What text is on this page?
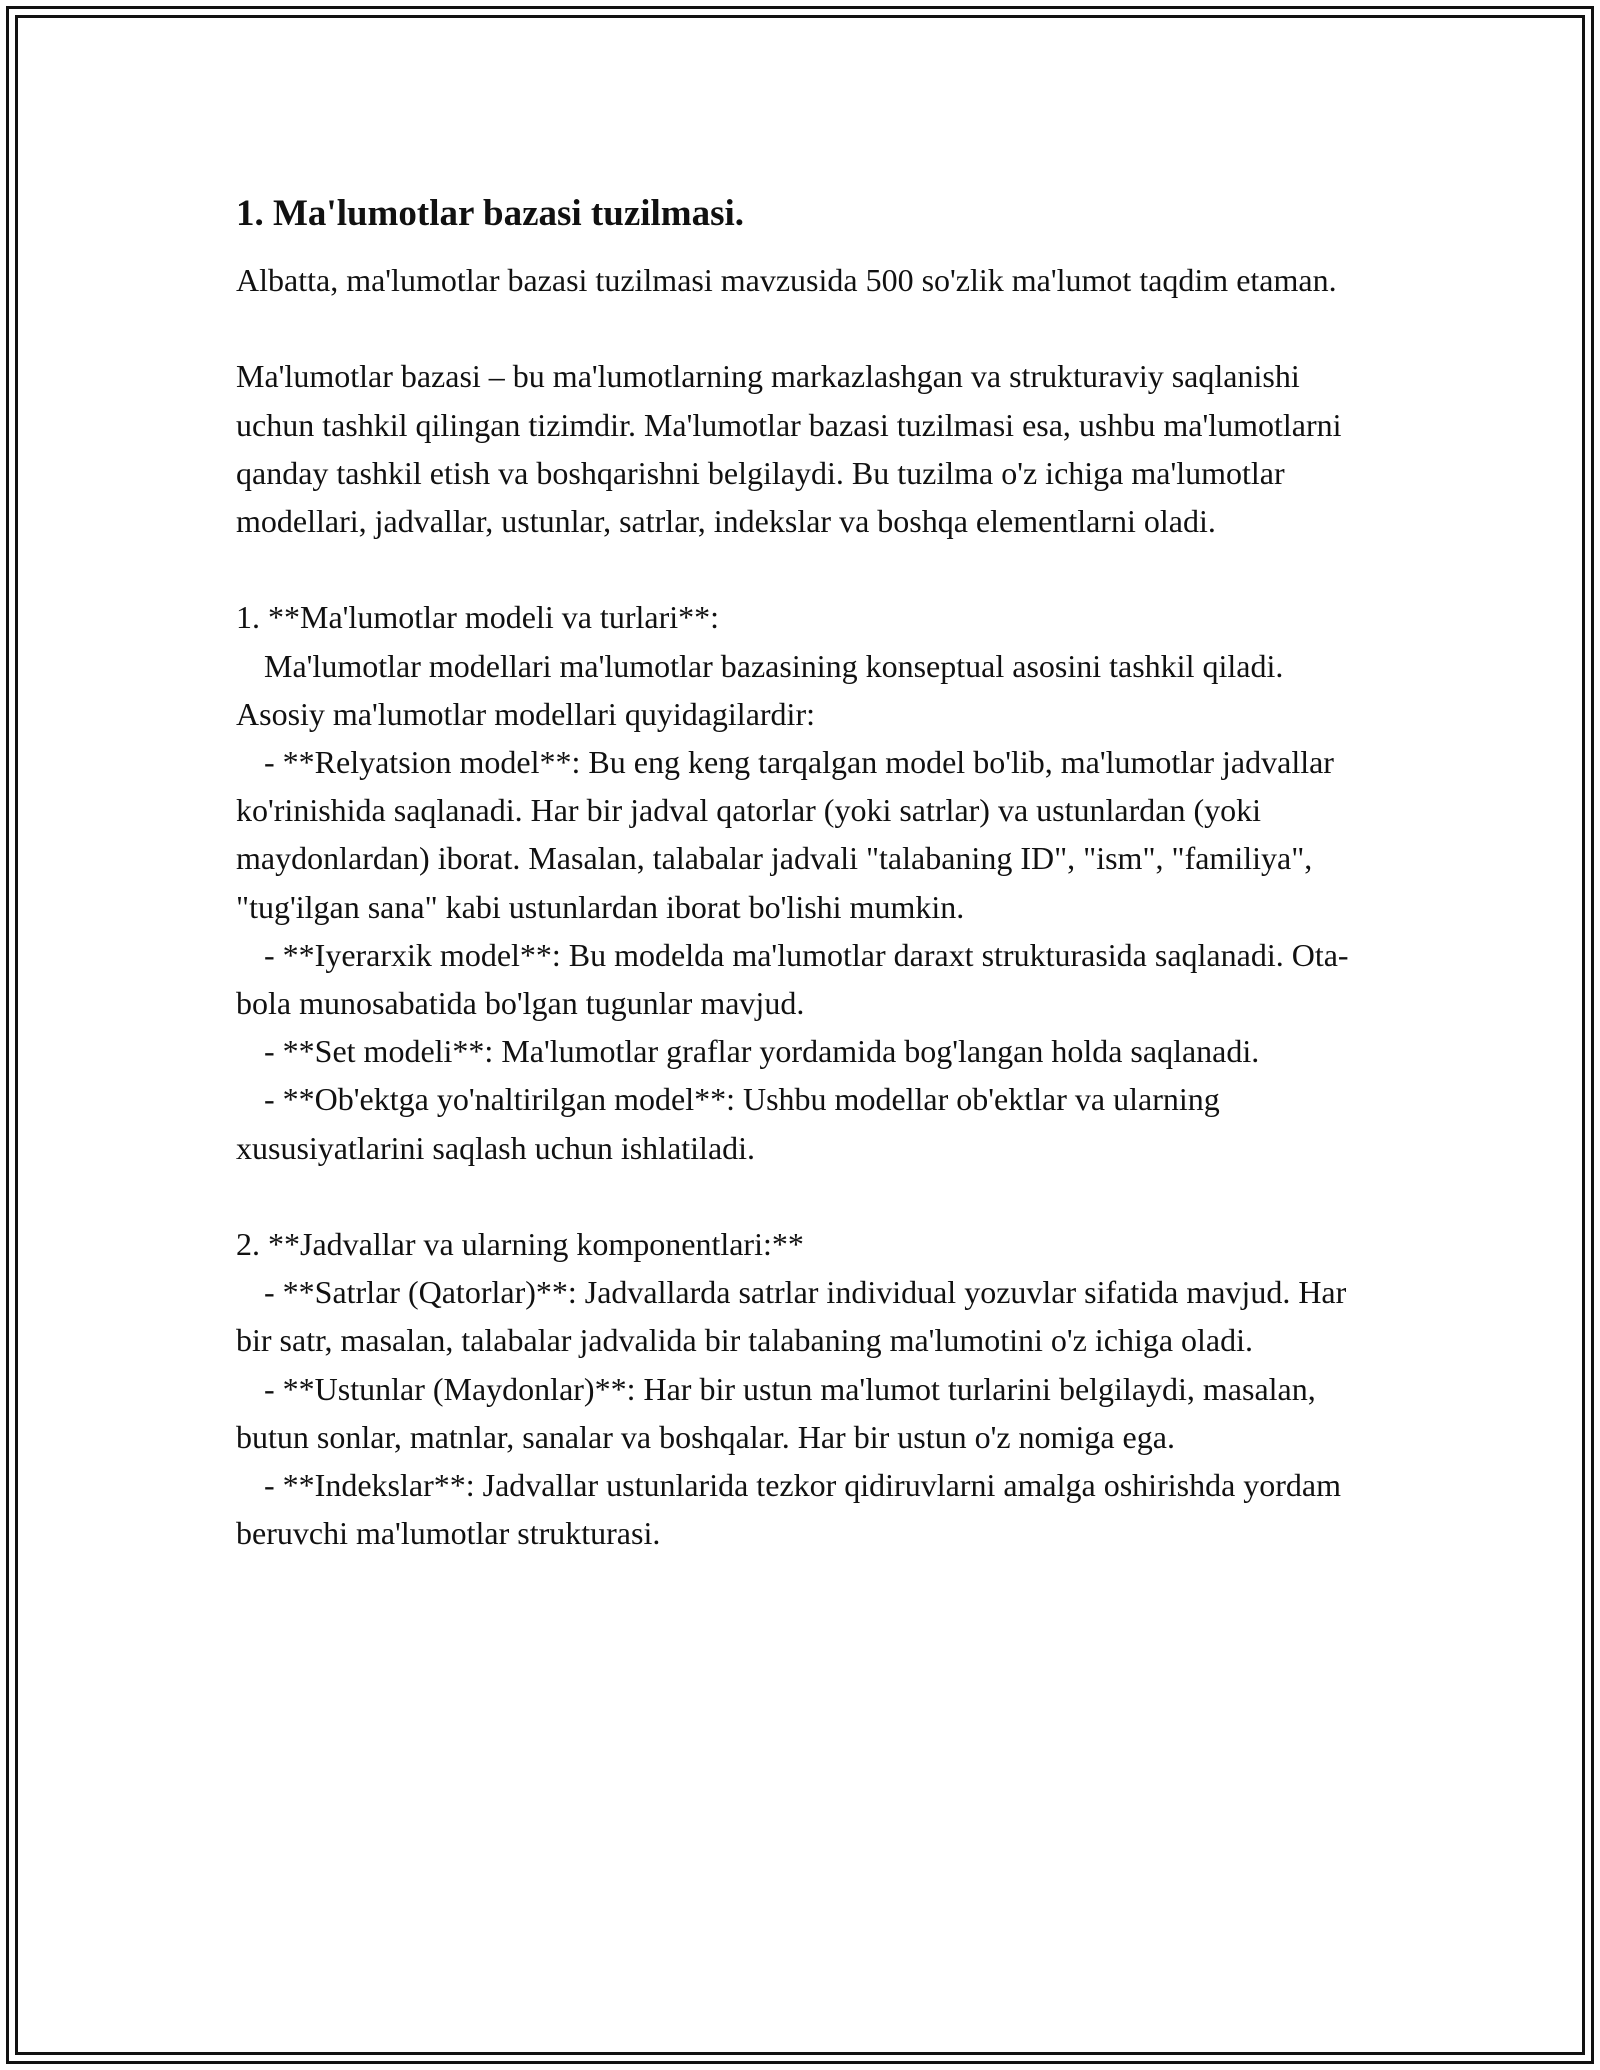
1. Ma'lumotlar bazasi tuzilmasi.

Albatta, ma'lumotlar bazasi tuzilmasi mavzusida 500 so'zlik ma'lumot taqdim etaman.

Ma'lumotlar bazasi – bu ma'lumotlarning markazlashgan va strukturaviy saqlanishi uchun tashkil qilingan tizimdir. Ma'lumotlar bazasi tuzilmasi esa, ushbu ma'lumotlarni qanday tashkil etish va boshqarishni belgilaydi. Bu tuzilma o'z ichiga ma'lumotlar modellari, jadvallar, ustunlar, satrlar, indekslar va boshqa elementlarni oladi.

1. **Ma'lumotlar modeli va turlari**:

Ma'lumotlar modellari ma'lumotlar bazasining konseptual asosini tashkil qiladi. Asosiy ma'lumotlar modellari quyidagilardir:

- **Relyatsion model**: Bu eng keng tarqalgan model bo'lib, ma'lumotlar jadvallar ko'rinishida saqlanadi. Har bir jadval qatorlar (yoki satrlar) va ustunlardan (yoki maydonlardan) iborat. Masalan, talabalar jadvali "talabaning ID", "ism", "familiya", "tug'ilgan sana" kabi ustunlardan iborat bo'lishi mumkin.

- **Iyerarxik model**: Bu modelda ma'lumotlar daraxt strukturasida saqlanadi. Ota-bola munosabatida bo'lgan tugunlar mavjud.

- **Set modeli**: Ma'lumotlar graflar yordamida bog'langan holda saqlanadi.

- **Ob'ektga yo'naltirilgan model**: Ushbu modellar ob'ektlar va ularning xususiyatlarini saqlash uchun ishlatiladi.

2. **Jadvallar va ularning komponentlari:**

- **Satrlar (Qatorlar)**: Jadvallarda satrlar individual yozuvlar sifatida mavjud. Har bir satr, masalan, talabalar jadvalida bir talabaning ma'lumotini o'z ichiga oladi.

- **Ustunlar (Maydonlar)**: Har bir ustun ma'lumot turlarini belgilaydi, masalan, butun sonlar, matnlar, sanalar va boshqalar. Har bir ustun o'z nomiga ega.

- **Indekslar**: Jadvallar ustunlarida tezkor qidiruvlarni amalga oshirishda yordam beruvchi ma'lumotlar strukturasi.
